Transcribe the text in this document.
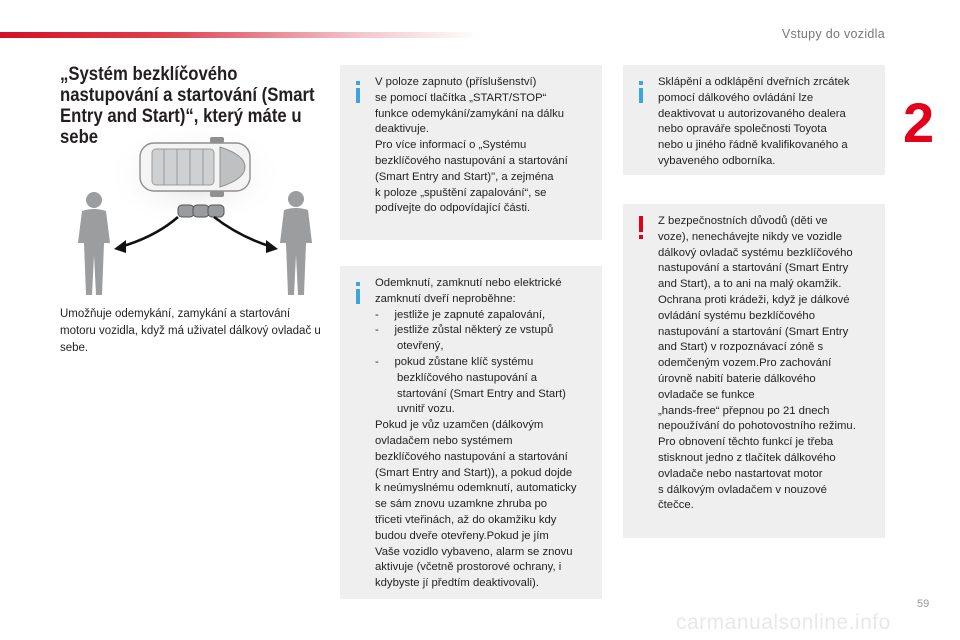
Vstupy do vozidla
2
„Systém bezklíčového nastupování a startování (Smart Entry and Start)“, který máte u sebe
Umožňuje odemykání, zamykání a startování motoru vozidla, když má uživatel dálkový ovladač u sebe.
V poloze zapnuto (příslušenství)
se pomocí tlačítka „START/STOP“
funkce odemykání/zamykání na dálku
deaktivuje.
Pro více informací o „Systému
bezklíčového nastupování a startování
(Smart Entry and Start)", a zejména
k poloze „spuštění zapalování“, se
podívejte do odpovídající části.
Odemknutí, zamknutí nebo elektrické
zamknutí dveří neproběhne:
-     jestliže je zapnuté zapalování,
-     jestliže zůstal některý ze vstupů
otevřený,
-     pokud zůstane klíč systému
bezklíčového nastupování a
startování (Smart Entry and Start)
uvnitř vozu.
Pokud je vůz uzamčen (dálkovým
ovladačem nebo systémem
bezklíčového nastupování a startování
(Smart Entry and Start)), a pokud dojde
k neúmyslnému odemknutí, automaticky
se sám znovu uzamkne zhruba po
třiceti vteřinách, až do okamžiku kdy
budou dveře otevřeny.Pokud je jím
Vaše vozidlo vybaveno, alarm se znovu
aktivuje (včetně prostorové ochrany, i
kdybyste jí předtím deaktivovali).
Sklápění a odklápění dveřních zrcátek
pomocí dálkového ovládání lze
deaktivovat u autorizovaného dealera
nebo opraváře společnosti Toyota
nebo u jiného řádně kvalifikovaného a
vybaveného odborníka.
Z bezpečnostních důvodů (děti ve
voze), nenechávejte nikdy ve vozidle
dálkový ovladač systému bezklíčového
nastupování a startování (Smart Entry
and Start), a to ani na malý okamžik.
Ochrana proti krádeži, když je dálkové
ovládání systému bezklíčového
nastupování a startování (Smart Entry
and Start) v rozpoznávací zóně s
odemčeným vozem.Pro zachování
úrovně nabití baterie dálkového
ovladače se funkce
„hands-free“ přepnou po 21 dnech
nepoužívání do pohotovostního režimu.
Pro obnovení těchto funkcí je třeba
stisknout jedno z tlačítek dálkového
ovladače nebo nastartovat motor
s dálkovým ovladačem v nouzové
čtečce.
59
carmanualsonline.info
